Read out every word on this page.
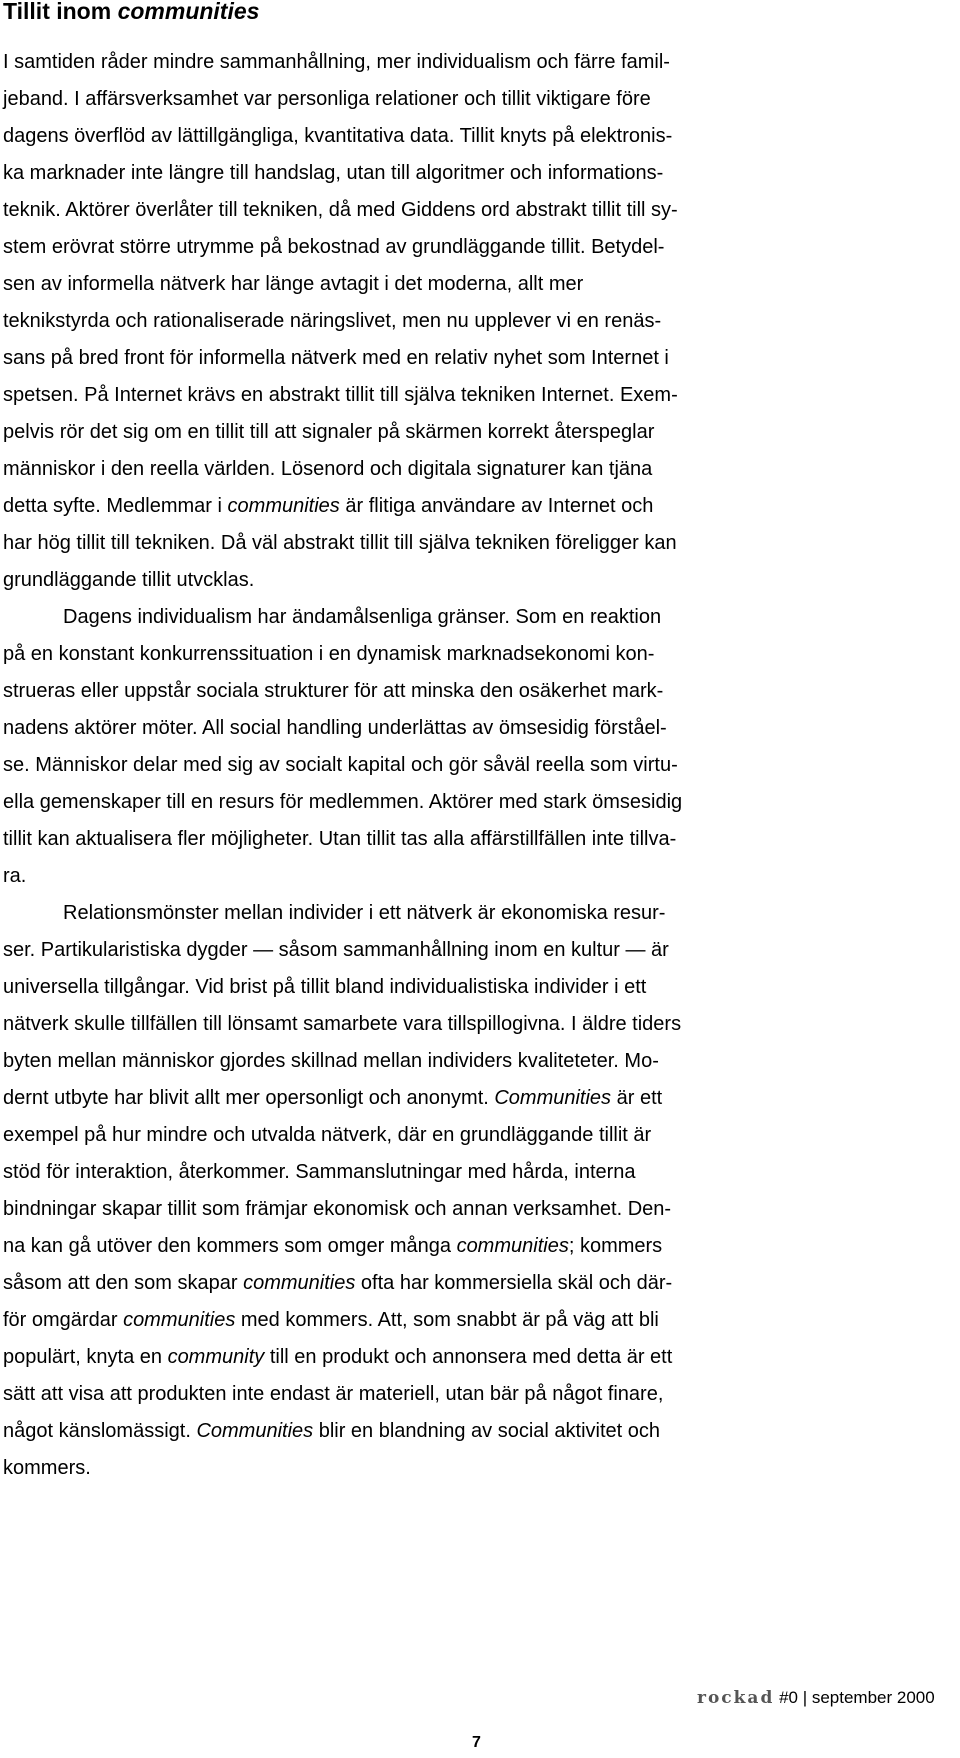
Tillit inom communities
I samtiden råder mindre sammanhållning, mer individualism och färre famil-
jeband. I affärsverksamhet var personliga relationer och tillit viktigare före
dagens överflöd av lättillgängliga, kvantitativa data. Tillit knyts på elektronis-
ka marknader inte längre till handslag, utan till algoritmer och informations-
teknik. Aktörer överlåter till tekniken, då med Giddens ord abstrakt tillit till sy-
stem erövrat större utrymme på bekostnad av grundläggande tillit. Betydel-
sen av informella nätverk har länge avtagit i det moderna, allt mer
teknikstyrda och rationaliserade näringslivet, men nu upplever vi en renäs-
sans på bred front för informella nätverk med en relativ nyhet som Internet i
spetsen. På Internet krävs en abstrakt tillit till själva tekniken Internet. Exem-
pelvis rör det sig om en tillit till att signaler på skärmen korrekt återspeglar
människor i den reella världen. Lösenord och digitala signaturer kan tjäna
detta syfte. Medlemmar i communities är flitiga användare av Internet och
har hög tillit till tekniken. Då väl abstrakt tillit till själva tekniken föreligger kan
grundläggande tillit utvcklas.
Dagens individualism har ändamålsenliga gränser. Som en reaktion
på en konstant konkurrenssituation i en dynamisk marknadsekonomi kon-
strueras eller uppstår sociala strukturer för att minska den osäkerhet mark-
nadens aktörer möter. All social handling underlättas av ömsesidig förståel-
se. Människor delar med sig av socialt kapital och gör såväl reella som virtu-
ella gemenskaper till en resurs för medlemmen. Aktörer med stark ömsesidig
tillit kan aktualisera fler möjligheter. Utan tillit tas alla affärstillfällen inte tillva-
ra.
Relationsmönster mellan individer i ett nätverk är ekonomiska resur-
ser. Partikularistiska dygder — såsom sammanhållning inom en kultur — är
universella tillgångar. Vid brist på tillit bland individualistiska individer i ett
nätverk skulle tillfällen till lönsamt samarbete vara tillspillogivna. I äldre tiders
byten mellan människor gjordes skillnad mellan individers kvaliteteter. Mo-
dernt utbyte har blivit allt mer opersonligt och anonymt. Communities är ett
exempel på hur mindre och utvalda nätverk, där en grundläggande tillit är
stöd för interaktion, återkommer. Sammanslutningar med hårda, interna
bindningar skapar tillit som främjar ekonomisk och annan verksamhet. Den-
na kan gå utöver den kommers som omger många communities; kommers
såsom att den som skapar communities ofta har kommersiella skäl och där-
för omgärdar communities med kommers. Att, som snabbt är på väg att bli
populärt, knyta en community till en produkt och annonsera med detta är ett
sätt att visa att produkten inte endast är materiell, utan bär på något finare,
något känslomässigt. Communities blir en blandning av social aktivitet och
kommers.
rockad #0 | september 2000
7
